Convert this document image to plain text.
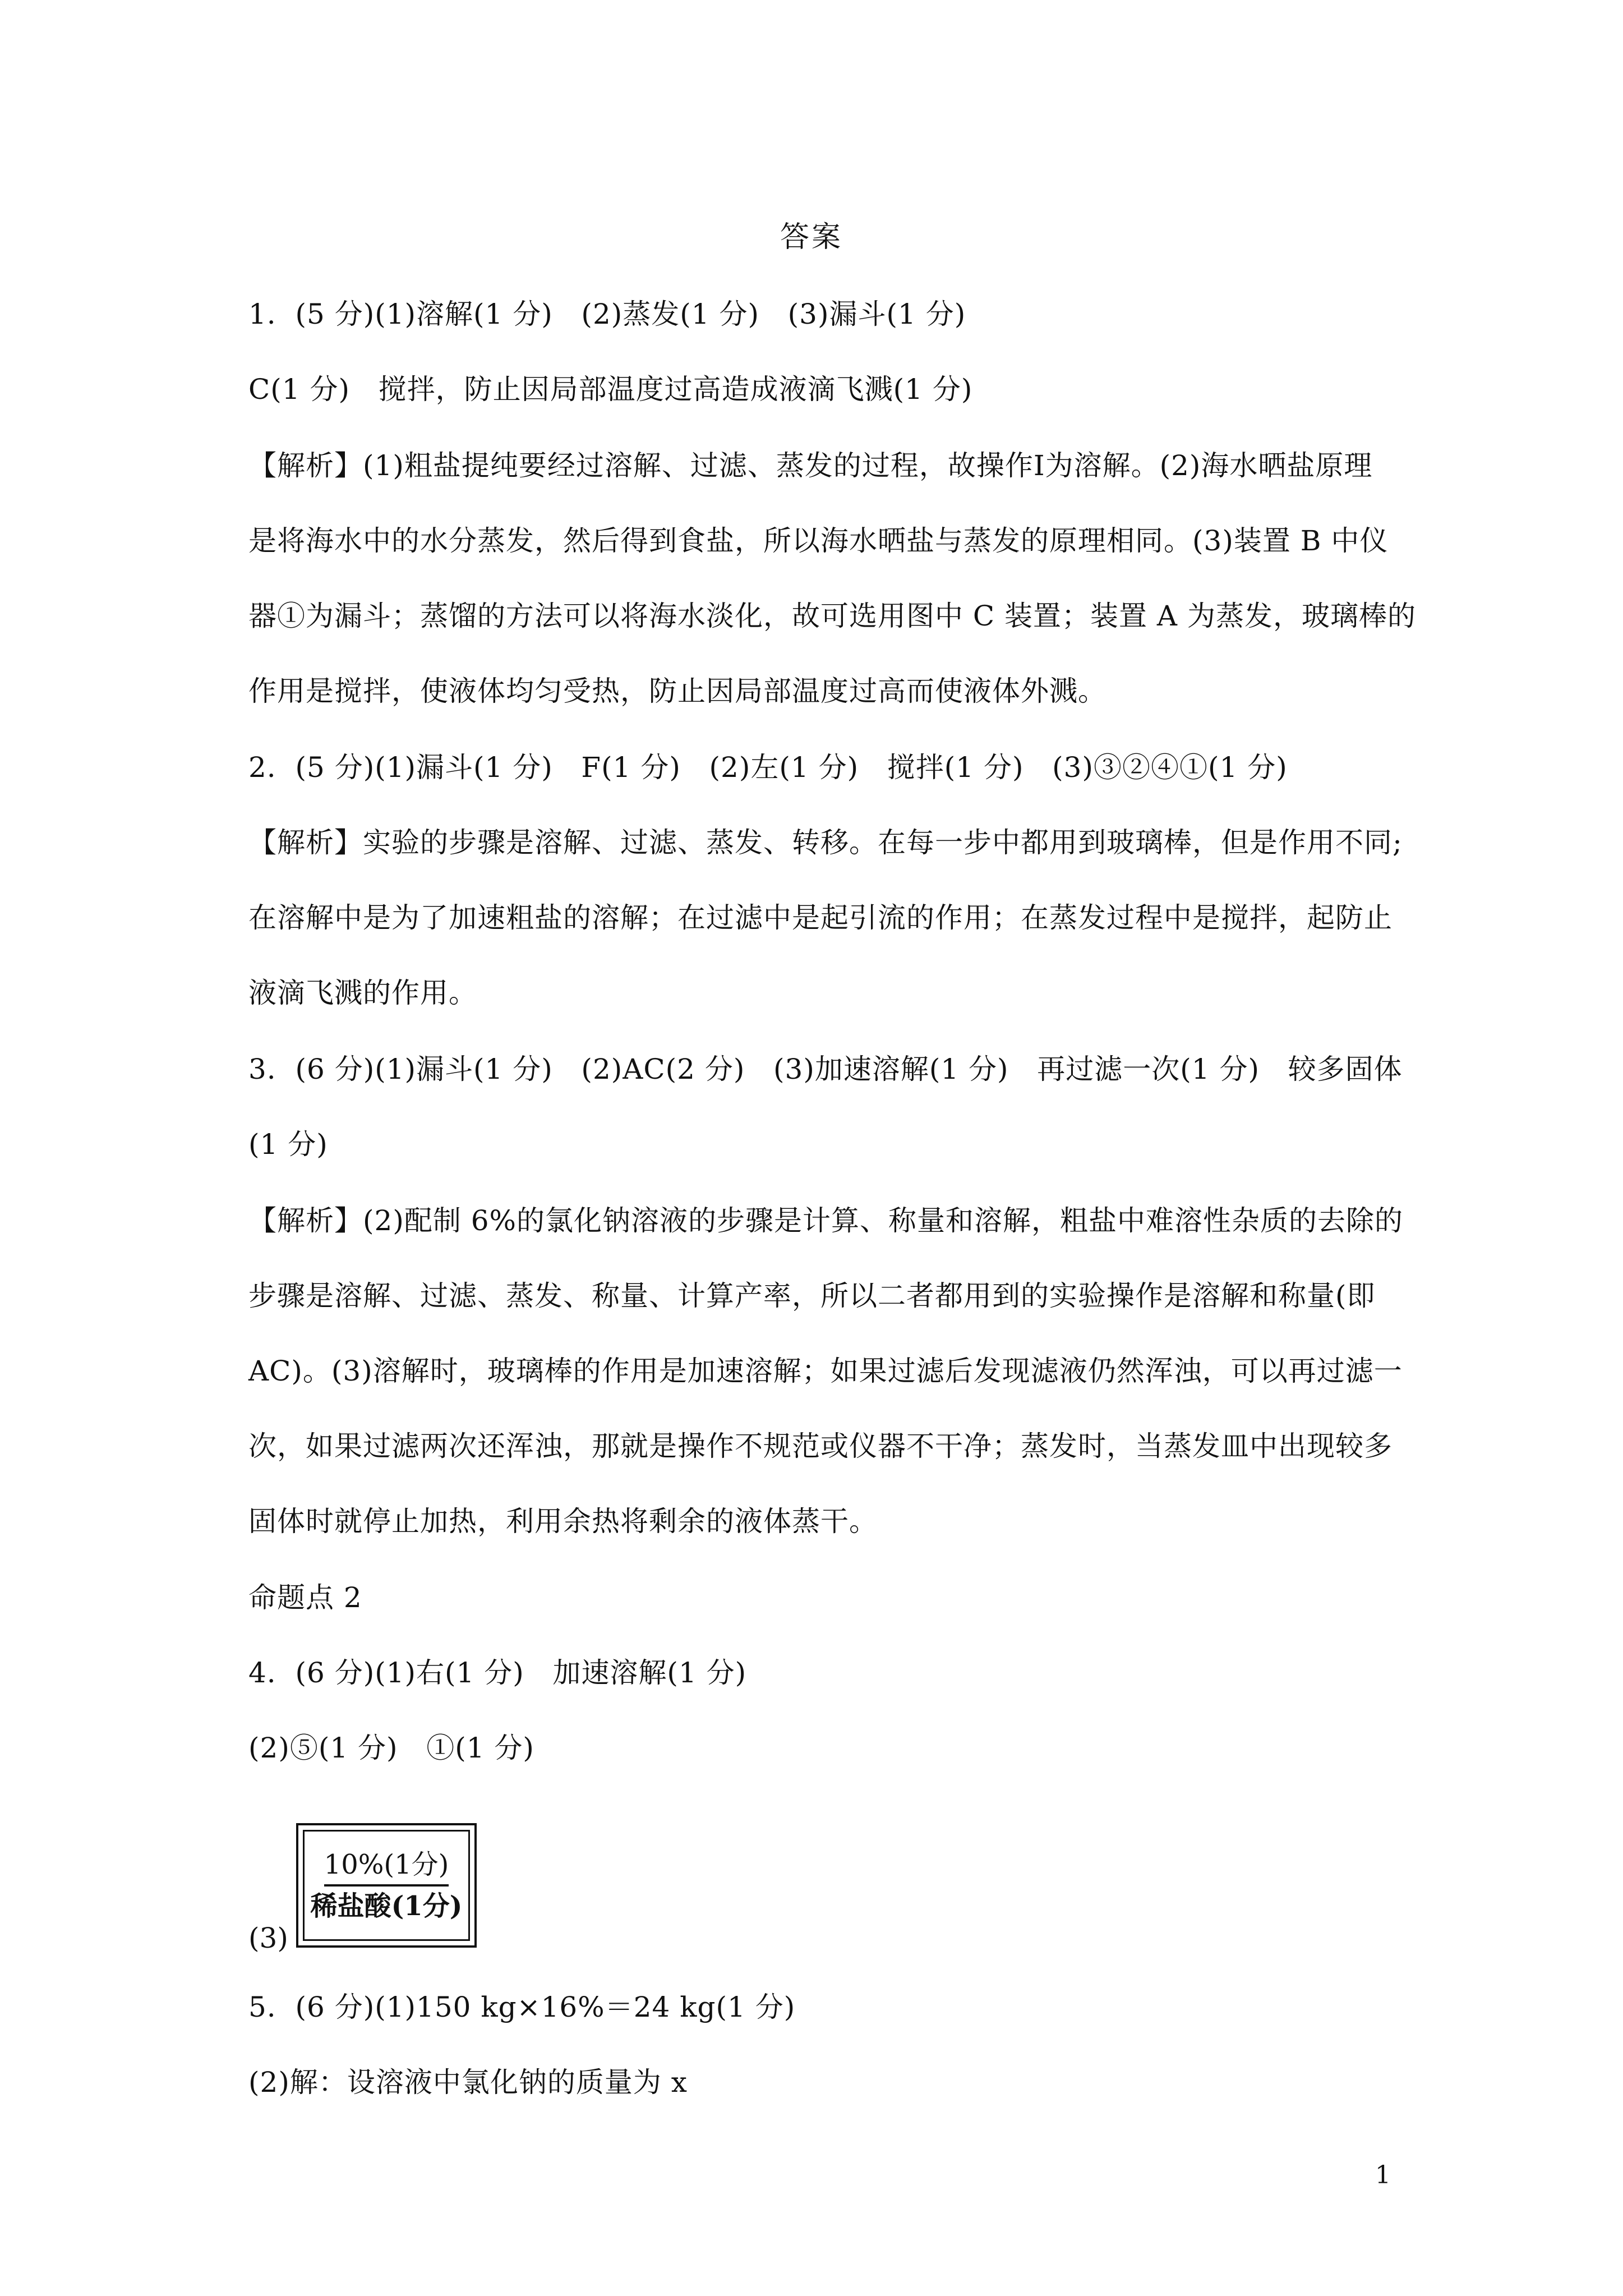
答案
1.  (5 分)(1)溶解(1 分)   (2)蒸发(1 分)   (3)漏斗(1 分)
C(1 分)   搅拌，防止因局部温度过高造成液滴飞溅(1 分)
【解析】(1)粗盐提纯要经过溶解、过滤、蒸发的过程，故操作Ⅰ为溶解。(2)海水晒盐原理
是将海水中的水分蒸发，然后得到食盐，所以海水晒盐与蒸发的原理相同。(3)装置 B 中仪
器①为漏斗；蒸馏的方法可以将海水淡化，故可选用图中 C 装置；装置 A 为蒸发，玻璃棒的
作用是搅拌，使液体均匀受热，防止因局部温度过高而使液体外溅。
2.  (5 分)(1)漏斗(1 分)   F(1 分)   (2)左(1 分)   搅拌(1 分)   (3)③②④①(1 分)
【解析】实验的步骤是溶解、过滤、蒸发、转移。在每一步中都用到玻璃棒，但是作用不同;
在溶解中是为了加速粗盐的溶解；在过滤中是起引流的作用；在蒸发过程中是搅拌，起防止
液滴飞溅的作用。
3.  (6 分)(1)漏斗(1 分)   (2)AC(2 分)   (3)加速溶解(1 分)   再过滤一次(1 分)   较多固体
(1 分)
【解析】(2)配制 6%的氯化钠溶液的步骤是计算、称量和溶解，粗盐中难溶性杂质的去除的
步骤是溶解、过滤、蒸发、称量、计算产率，所以二者都用到的实验操作是溶解和称量(即
AC)。(3)溶解时，玻璃棒的作用是加速溶解；如果过滤后发现滤液仍然浑浊，可以再过滤一
次，如果过滤两次还浑浊，那就是操作不规范或仪器不干净；蒸发时，当蒸发皿中出现较多
固体时就停止加热，利用余热将剩余的液体蒸干。
命题点 2
4.  (6 分)(1)右(1 分)   加速溶解(1 分)
(2)⑤(1 分)   ①(1 分)
(3)
10%(1分)
稀盐酸(1分)
5.  (6 分)(1)150 kg×16%＝24 kg(1 分)
(2)解：设溶液中氯化钠的质量为 x
1
